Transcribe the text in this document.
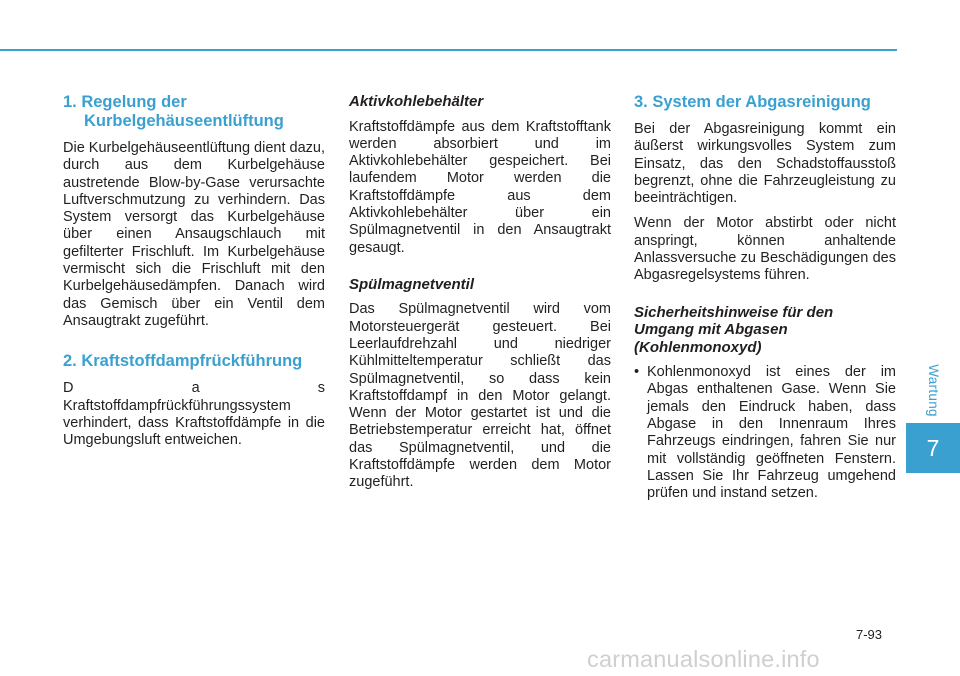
1. Regelung der Kurbelgehäuseentlüftung

Die Kurbelgehäuseentlüftung dient dazu, durch aus dem Kurbelgehäuse austretende Blow-by-Gase verursachte Luftverschmutzung zu verhindern. Das System versorgt das Kurbelgehäuse über einen Ansaugschlauch mit gefilterter Frischluft. Im Kurbelgehäuse vermischt sich die Frischluft mit den Kurbelgehäusedämpfen. Danach wird das Gemisch über ein Ventil dem Ansaugtrakt zugeführt.

2. Kraftstoffdampfrückführung

D a s Kraftstoffdampfrückführungssystem verhindert, dass Kraftstoffdämpfe in die Umgebungsluft entweichen.

Aktivkohlebehälter

Kraftstoffdämpfe aus dem Kraftstofftank werden absorbiert und im Aktivkohlebehälter gespeichert. Bei laufendem Motor werden die Kraftstoffdämpfe aus dem Aktivkohlebehälter über ein Spülmagnetventil in den Ansaugtrakt gesaugt.

Spülmagnetventil

Das Spülmagnetventil wird vom Motorsteuergerät gesteuert. Bei Leerlaufdrehzahl und niedriger Kühlmitteltemperatur schließt das Spülmagnetventil, so dass kein Kraftstoffdampf in den Motor gelangt. Wenn der Motor gestartet ist und die Betriebstemperatur erreicht hat, öffnet das Spülmagnetventil, und die Kraftstoffdämpfe werden dem Motor zugeführt.

3. System der Abgasreinigung

Bei der Abgasreinigung kommt ein äußerst wirkungsvolles System zum Einsatz, das den Schadstoffausstoß begrenzt, ohne die Fahrzeugleistung zu beeinträchtigen.

Wenn der Motor abstirbt oder nicht anspringt, können anhaltende Anlassversuche zu Beschädigungen des Abgasregelsystems führen.

Sicherheitshinweise für den Umgang mit Abgasen (Kohlenmonoxyd)
• Kohlenmonoxyd ist eines der im Abgas enthaltenen Gase. Wenn Sie jemals den Eindruck haben, dass Abgase in den Innenraum Ihres Fahrzeugs eindringen, fahren Sie nur mit vollständig geöffneten Fenstern. Lassen Sie Ihr Fahrzeug umgehend prüfen und instand setzen.
Wartung
7
7-93
carmanualsonline.info
